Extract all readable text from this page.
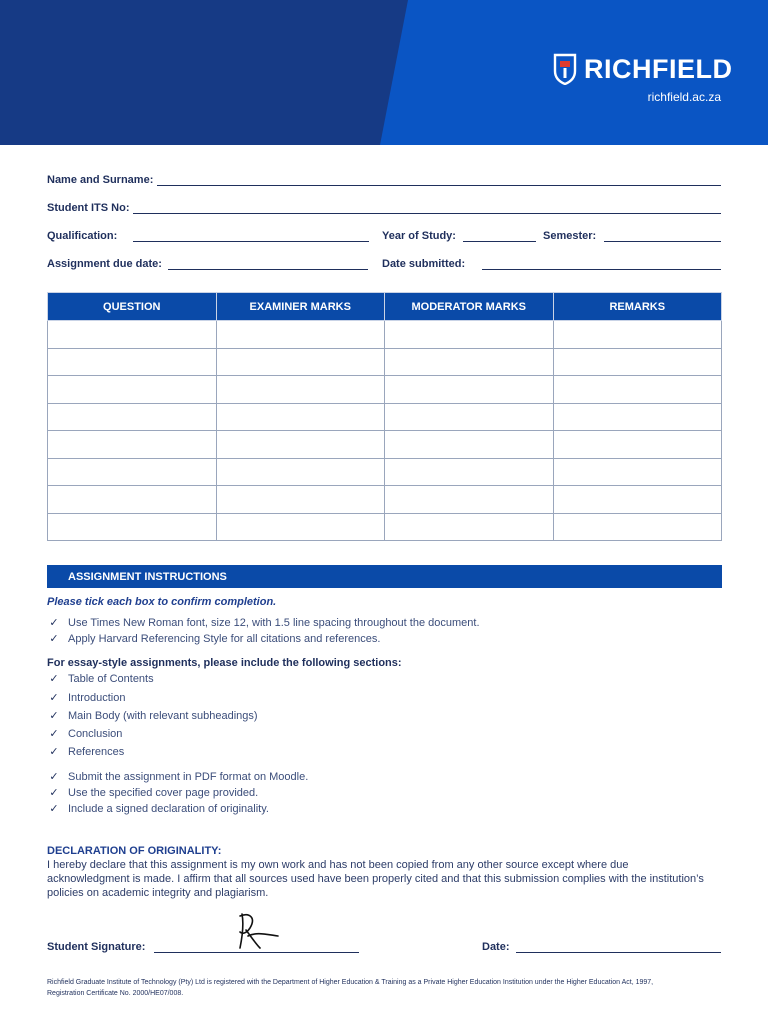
RICHFIELD
richfield.ac.za
Name and Surname:
Student ITS No:
Qualification:	Year of Study:	Semester:
Assignment due date:	Date submitted:
QUESTION	EXAMINER MARKS	MODERATOR MARKS	REMARKS

ASSIGNMENT INSTRUCTIONS
Please tick each box to confirm completion.
✓ Use Times New Roman font, size 12, with 1.5 line spacing throughout the document.
✓ Apply Harvard Referencing Style for all citations and references.
For essay-style assignments, please include the following sections:
✓ Table of Contents
✓ Introduction
✓ Main Body (with relevant subheadings)
✓ Conclusion
✓ References
✓ Submit the assignment in PDF format on Moodle.
✓ Use the specified cover page provided.
✓ Include a signed declaration of originality.
DECLARATION OF ORIGINALITY:
I hereby declare that this assignment is my own work and has not been copied from any other source except where due acknowledgment is made. I affirm that all sources used have been properly cited and that this submission complies with the institution’s policies on academic integrity and plagiarism.
Student Signature:	Date:
Richfield Graduate Institute of Technology (Pty) Ltd is registered with the Department of Higher Education & Training as a Private Higher Education Institution under the Higher Education Act, 1997, Registration Certificate No. 2000/HE07/008.
